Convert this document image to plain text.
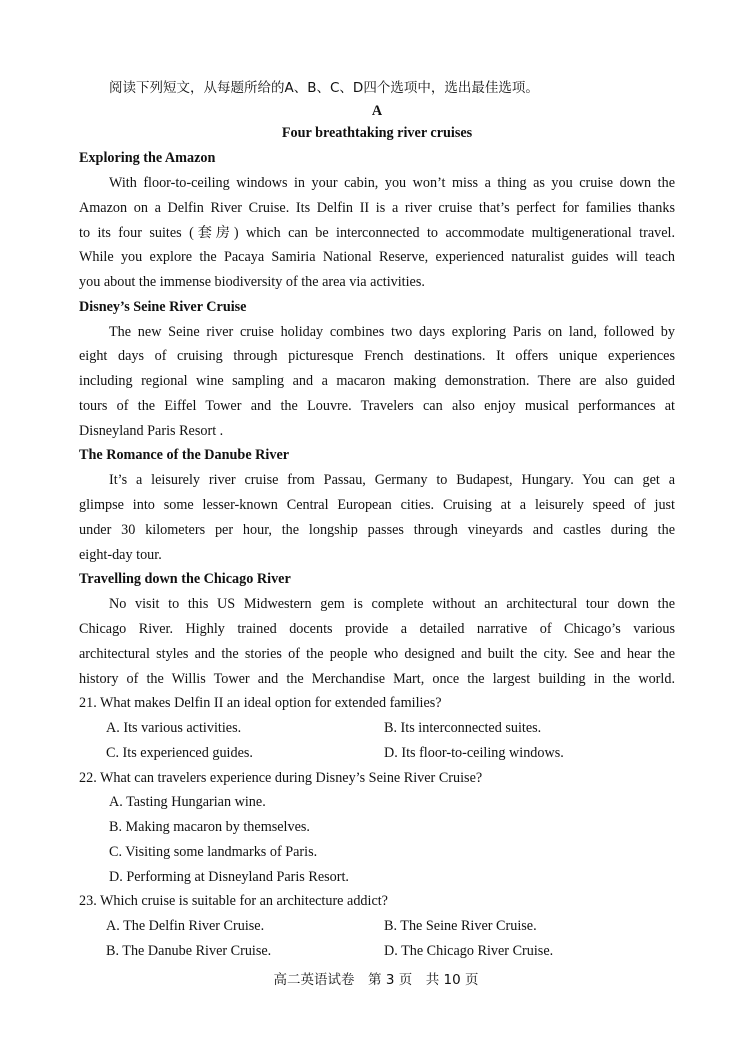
阅读下列短文，从每题所给的A、B、C、D四个选项中，选出最佳选项。
A
Four breathtaking river cruises
Exploring the Amazon
With floor-to-ceiling windows in your cabin, you won’t miss a thing as you cruise down the
Amazon on a Delfin River Cruise. Its Delfin II is a river cruise that’s perfect for families thanks
to its four suites (套房) which can be interconnected to accommodate multigenerational travel.
While you explore the Pacaya Samiria National Reserve, experienced naturalist guides will teach
you about the immense biodiversity of the area via activities.
Disney’s Seine River Cruise
The new Seine river cruise holiday combines two days exploring Paris on land, followed by
eight days of cruising through picturesque French destinations. It offers unique experiences
including regional wine sampling and a macaron making demonstration. There are also guided
tours of the Eiffel Tower and the Louvre. Travelers can also enjoy musical performances at
Disneyland Paris Resort .
The Romance of the Danube River
It’s a leisurely river cruise from Passau, Germany to Budapest, Hungary. You can get a
glimpse into some lesser-known Central European cities. Cruising at a leisurely speed of just
under 30 kilometers per hour, the longship passes through vineyards and castles during the
eight-day tour.
Travelling down the Chicago River
No visit to this US Midwestern gem is complete without an architectural tour down the
Chicago River. Highly trained docents provide a detailed narrative of Chicago’s various
architectural styles and the stories of the people who designed and built the city. See and hear the
history of the Willis Tower and the Merchandise Mart, once the largest building in the world.
21. What makes Delfin II an ideal option for extended families?
A. Its various activities.	B. Its interconnected suites.
C. Its experienced guides.	D. Its floor-to-ceiling windows.
22. What can travelers experience during Disney’s Seine River Cruise?
A. Tasting Hungarian wine.
B. Making macaron by themselves.
C. Visiting some landmarks of Paris.
D. Performing at Disneyland Paris Resort.
23. Which cruise is suitable for an architecture addict?
A. The Delfin River Cruise.	B. The Seine River Cruise.
B. The Danube River Cruise.	D. The Chicago River Cruise.
高二英语试卷　第 3 页　共 10 页
